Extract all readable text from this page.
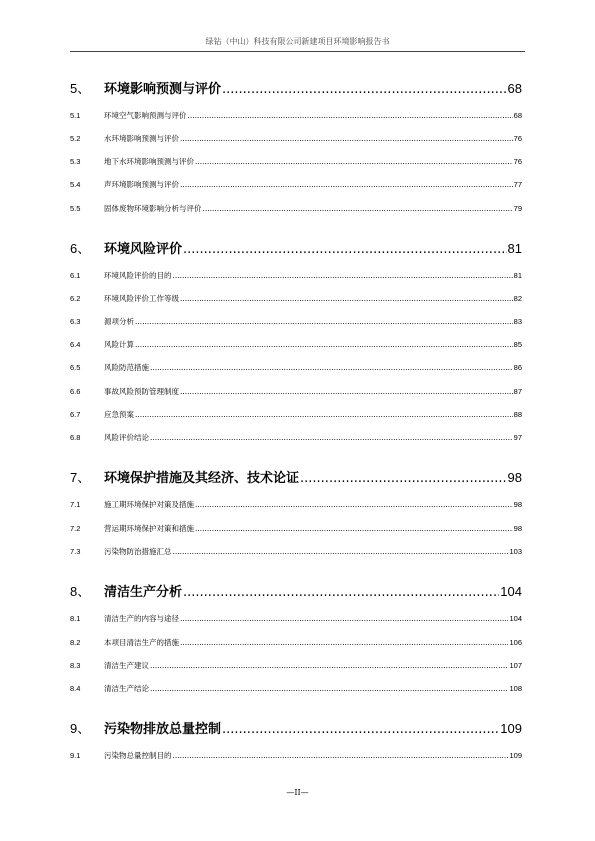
绿钻（中山）科技有限公司新建项目环境影响报告书
5、	环境影响预测与评价 .....	68
5.1	环境空气影响预测与评价 .....	68
5.2	水环境影响预测与评价 .....	76
5.3	地下水环境影响预测与评价 .....	76
5.4	声环境影响预测与评价 .....	77
5.5	固体废物环境影响分析与评价 .....	79
6、	环境风险评价 .....	81
6.1	环境风险评价的目的 .....	81
6.2	环境风险评价工作等级 .....	82
6.3	源项分析 .....	83
6.4	风险计算 .....	85
6.5	风险防范措施 .....	86
6.6	事故风险预防管理制度 .....	87
6.7	应急预案 .....	88
6.8	风险评价结论 .....	97
7、	环境保护措施及其经济、技术论证 .....	98
7.1	施工期环境保护对策及措施 .....	98
7.2	营运期环境保护对策和措施 .....	98
7.3	污染物防治措施汇总 .....	103
8、	清洁生产分析 .....	104
8.1	清洁生产的内容与途径 .....	104
8.2	本项目清洁生产的措施 .....	106
8.3	清洁生产建议 .....	107
8.4	清洁生产结论 .....	108
9、	污染物排放总量控制 .....	109
9.1	污染物总量控制目的 .....	109
—II—
